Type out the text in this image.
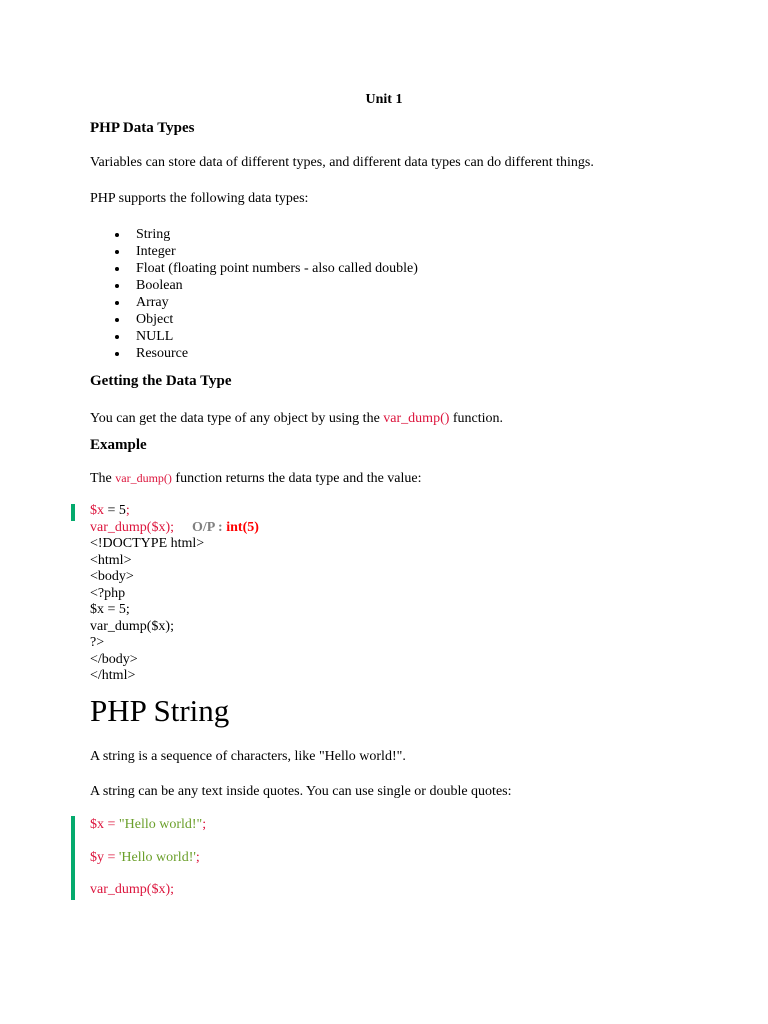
Unit 1
PHP Data Types
Variables can store data of different types, and different data types can do different things.
PHP supports the following data types:
String
Integer
Float (floating point numbers - also called double)
Boolean
Array
Object
NULL
Resource
Getting the Data Type
You can get the data type of any object by using the var_dump() function.
Example
The var_dump() function returns the data type and the value:
$x = 5;
var_dump($x); O/P : int(5)
<!DOCTYPE html>
<html>
<body>
<?php
$x = 5;
var_dump($x);
?>
</body>
</html>
PHP String
A string is a sequence of characters, like "Hello world!".
A string can be any text inside quotes. You can use single or double quotes:
$x = "Hello world!";
$y = 'Hello world!';
var_dump($x);
